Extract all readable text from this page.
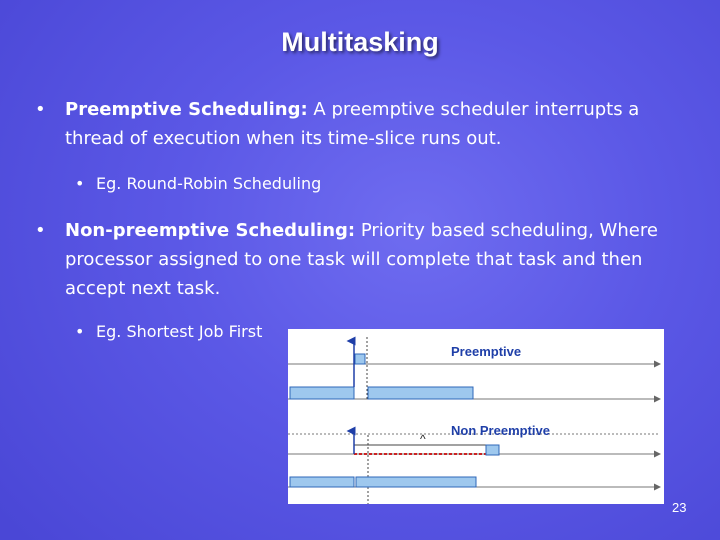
Multitasking
• Preemptive Scheduling: A preemptive scheduler interrupts a
thread of execution when its time-slice runs out.
• Eg. Round-Robin Scheduling
• Non-preemptive Scheduling: Priority based scheduling, Where
processor assigned to one task will complete that task and then
accept next task.
• Eg. Shortest Job First
Preemptive
Non Preemptive
^
23
